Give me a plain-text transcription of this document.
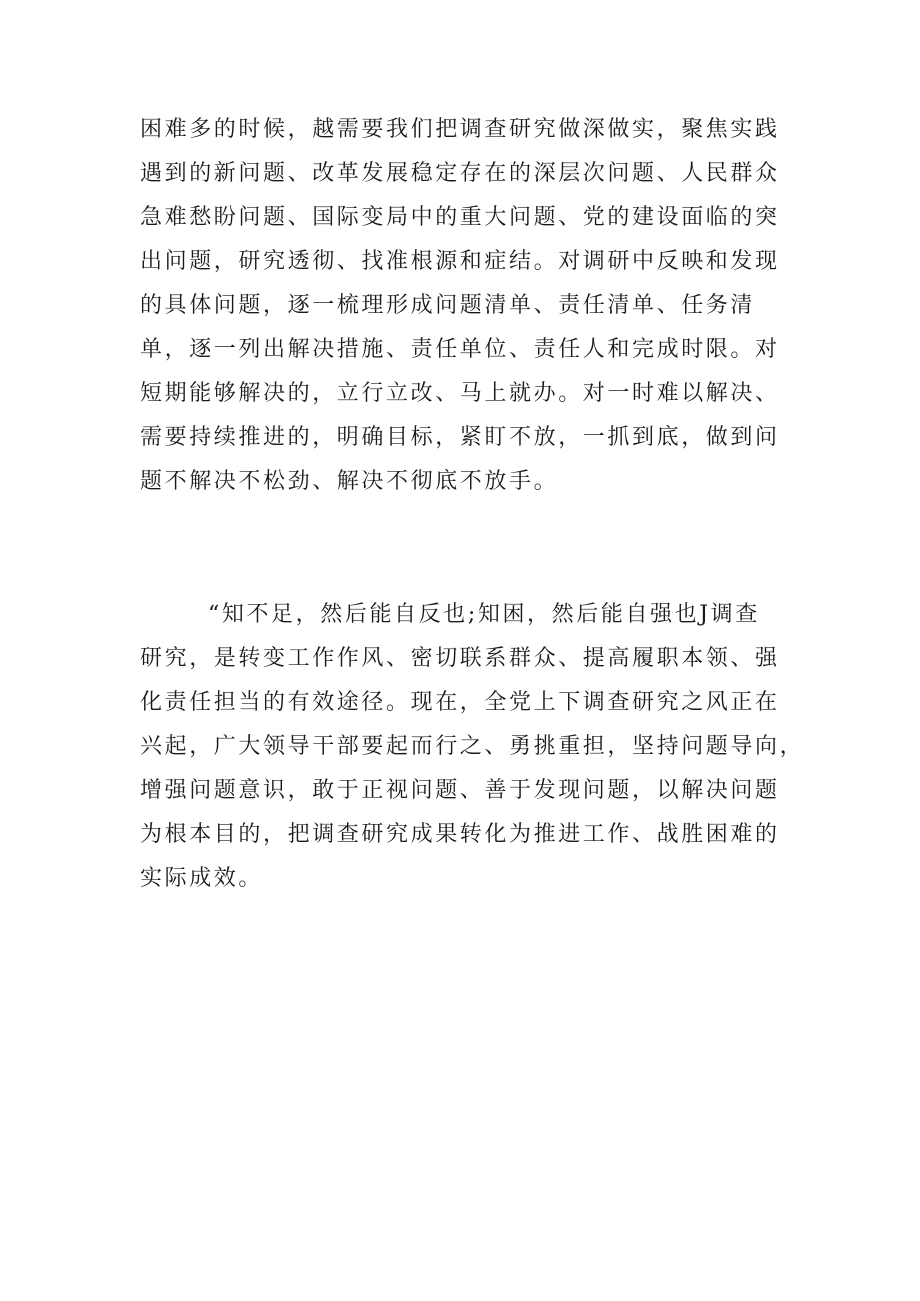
困难多的时候，越需要我们把调查研究做深做实，聚焦实践
遇到的新问题、改革发展稳定存在的深层次问题、人民群众
急难愁盼问题、国际变局中的重大问题、党的建设面临的突
出问题，研究透彻、找准根源和症结。对调研中反映和发现
的具体问题，逐一梳理形成问题清单、责任清单、任务清
单，逐一列出解决措施、责任单位、责任人和完成时限。对
短期能够解决的，立行立改、马上就办。对一时难以解决、
需要持续推进的，明确目标，紧盯不放，一抓到底，做到问
题不解决不松劲、解决不彻底不放手。
“知不足，然后能自反也;知困，然后能自强也J调查
研究，是转变工作作风、密切联系群众、提高履职本领、强
化责任担当的有效途径。现在，全党上下调查研究之风正在
兴起，广大领导干部要起而行之、勇挑重担，坚持问题导向，
增强问题意识，敢于正视问题、善于发现问题，以解决问题
为根本目的，把调查研究成果转化为推进工作、战胜困难的
实际成效。
